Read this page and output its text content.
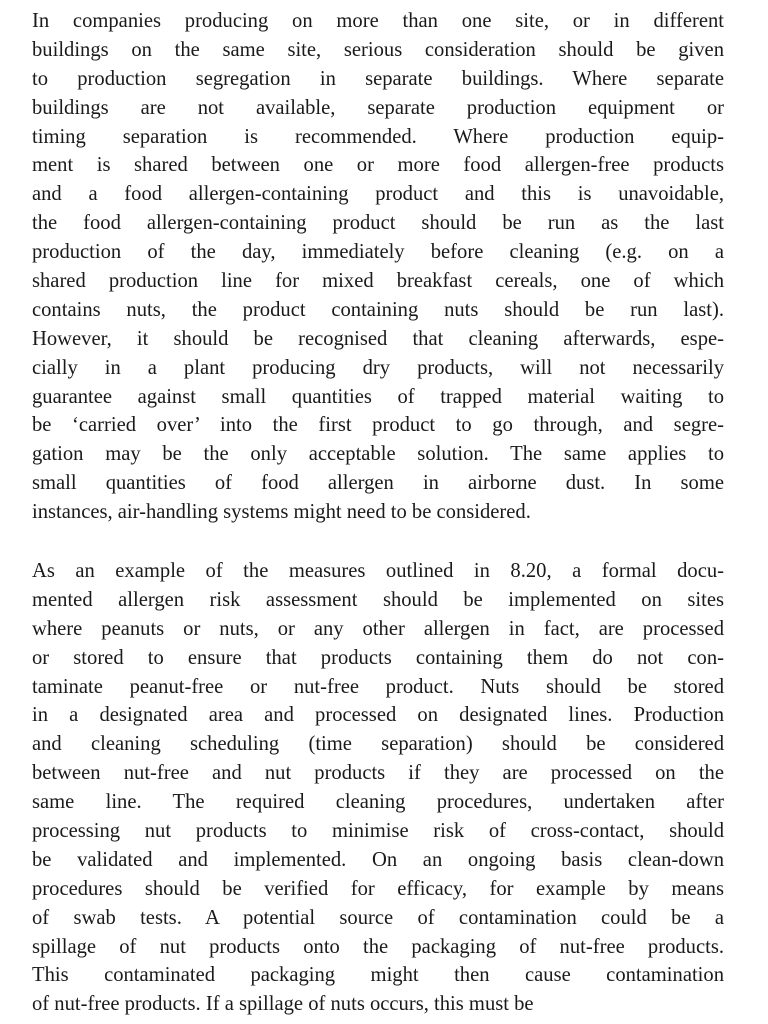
In companies producing on more than one site, or in different
buildings on the same site, serious consideration should be given
to production segregation in separate buildings. Where separate
buildings are not available, separate production equipment or
timing separation is recommended. Where production equip-
ment is shared between one or more food allergen-free products
and a food allergen-containing product and this is unavoidable,
the food allergen-containing product should be run as the last
production of the day, immediately before cleaning (e.g. on a
shared production line for mixed breakfast cereals, one of which
contains nuts, the product containing nuts should be run last).
However, it should be recognised that cleaning afterwards, espe-
cially in a plant producing dry products, will not necessarily
guarantee against small quantities of trapped material waiting to
be ‘carried over’ into the first product to go through, and segre-
gation may be the only acceptable solution. The same applies to
small quantities of food allergen in airborne dust. In some
instances, air-handling systems might need to be considered.
As an example of the measures outlined in 8.20, a formal docu-
mented allergen risk assessment should be implemented on sites
where peanuts or nuts, or any other allergen in fact, are processed
or stored to ensure that products containing them do not con-
taminate peanut-free or nut-free product. Nuts should be stored
in a designated area and processed on designated lines. Production
and cleaning scheduling (time separation) should be considered
between nut-free and nut products if they are processed on the
same line. The required cleaning procedures, undertaken after
processing nut products to minimise risk of cross-contact, should
be validated and implemented. On an ongoing basis clean-down
procedures should be verified for efficacy, for example by means
of swab tests. A potential source of contamination could be a
spillage of nut products onto the packaging of nut-free products.
This contaminated packaging might then cause contamination
of nut-free products. If a spillage of nuts occurs, this must be
